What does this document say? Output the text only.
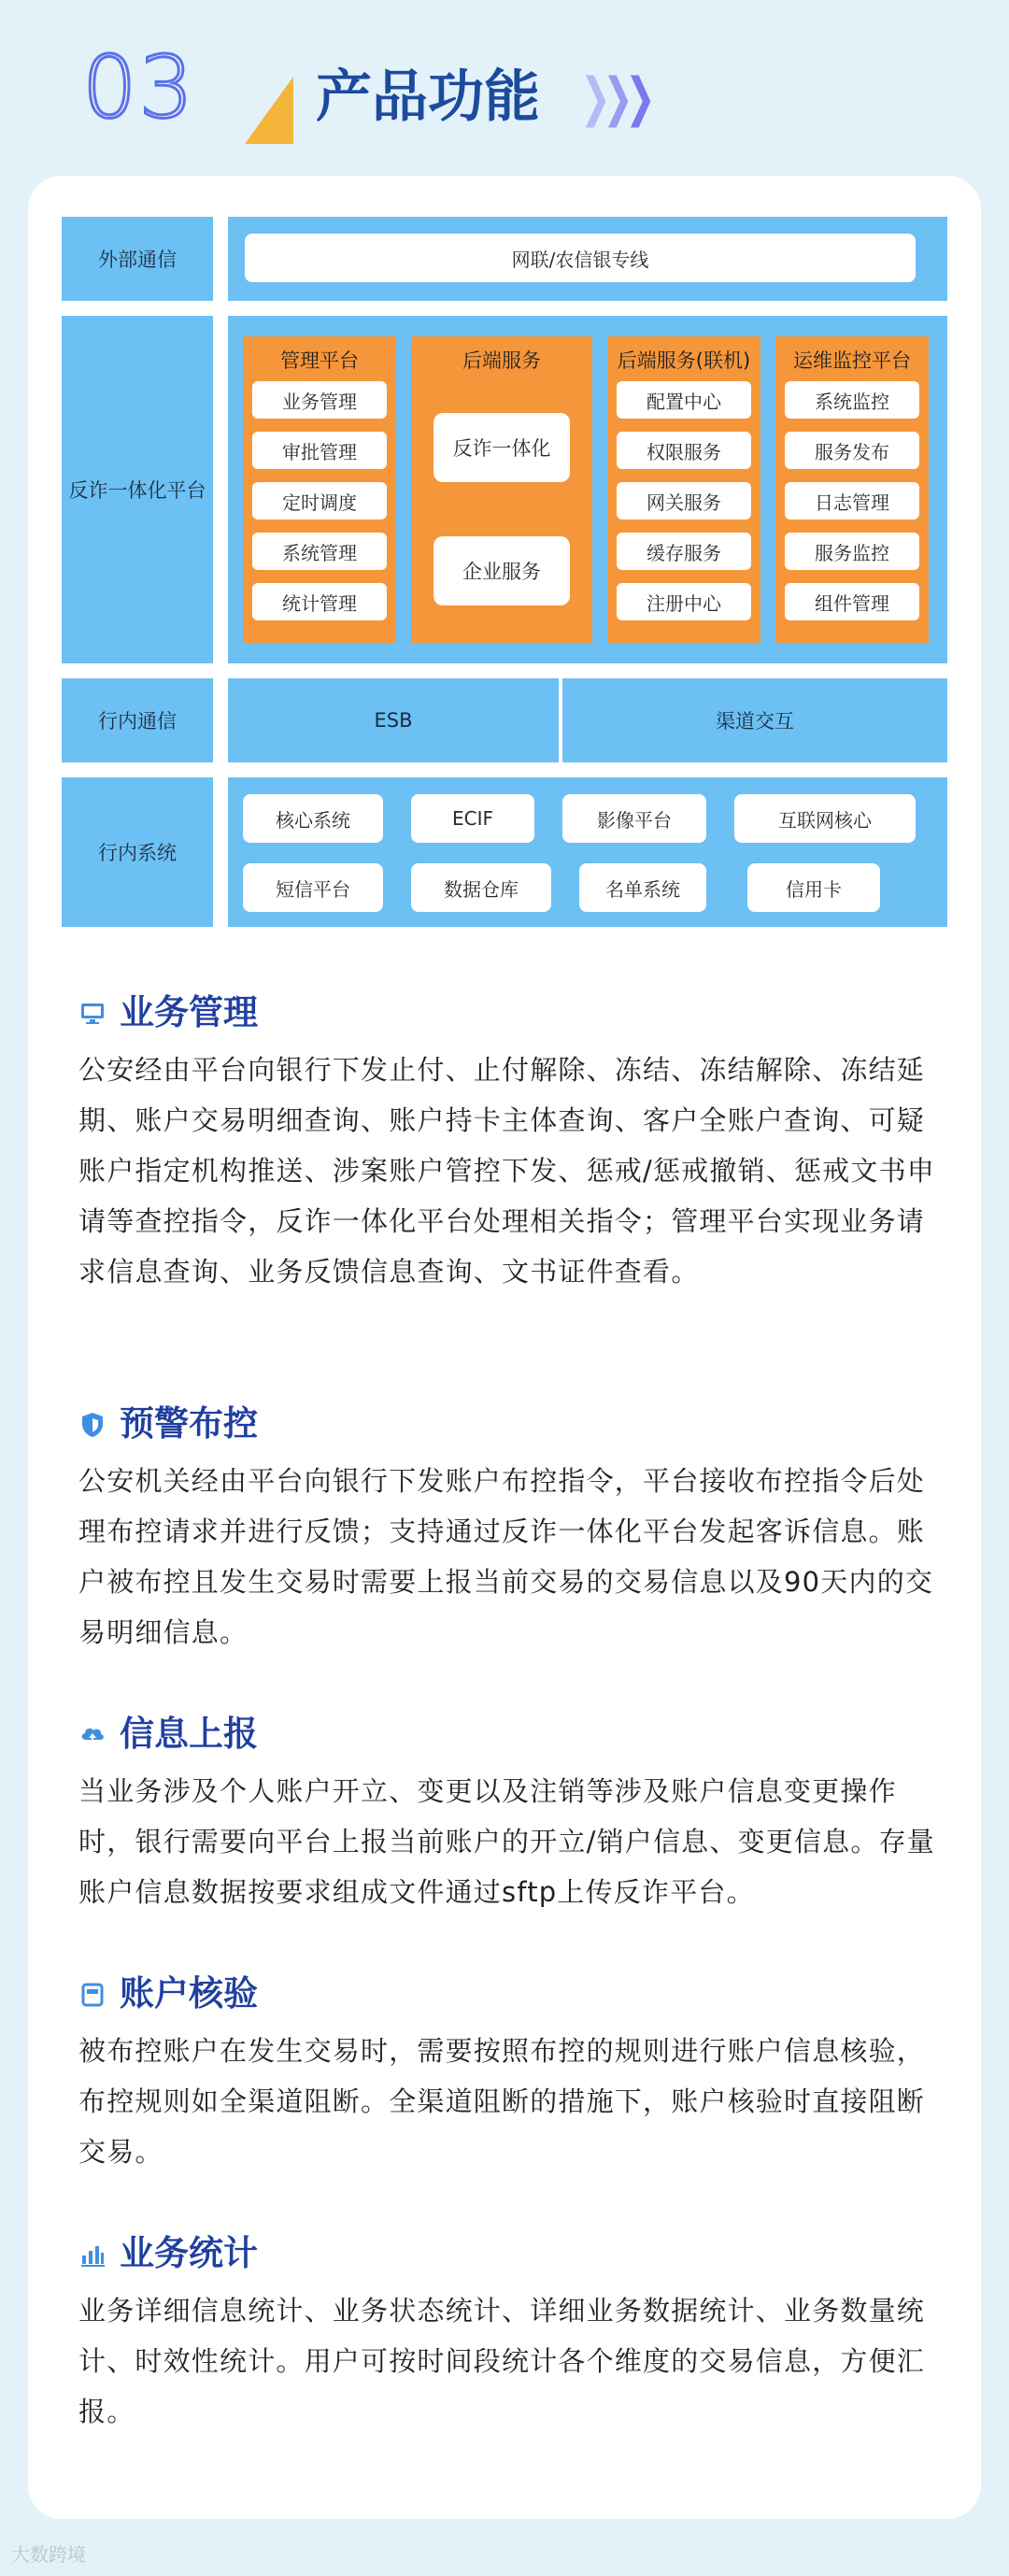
03 产品功能 ❯
❯
❯
外部通信	网联/农信银专线
反诈一体化平台
管理平台
业务管理
审批管理
定时调度
系统管理
统计管理
后端服务
反诈一体化
企业服务
后端服务(联机)
配置中心
权限服务
网关服务
缓存服务
注册中心
运维监控平台
系统监控
服务发布
日志管理
服务监控
组件管理
行内通信	ESB	渠道交互
行内系统
核心系统	ECIF	影像平台	互联网核心
短信平台	数据仓库	名单系统	信用卡
业务管理
公安经由平台向银行下发止付、止付解除、冻结、冻结解除、冻结延期、账户交易明细查询、账户持卡主体查询、客户全账户查询、可疑账户指定机构推送、涉案账户管控下发、惩戒/惩戒撤销、惩戒文书申请等查控指令，反诈一体化平台处理相关指令；管理平台实现业务请求信息查询、业务反馈信息查询、文书证件查看。
预警布控
公安机关经由平台向银行下发账户布控指令，平台接收布控指令后处理布控请求并进行反馈；支持通过反诈一体化平台发起客诉信息。账户被布控且发生交易时需要上报当前交易的交易信息以及90天内的交易明细信息。
信息上报
当业务涉及个人账户开立、变更以及注销等涉及账户信息变更操作时，银行需要向平台上报当前账户的开立/销户信息、变更信息。存量账户信息数据按要求组成文件通过sftp上传反诈平台。
账户核验
被布控账户在发生交易时，需要按照布控的规则进行账户信息核验，布控规则如全渠道阻断。全渠道阻断的措施下，账户核验时直接阻断交易。
业务统计
业务详细信息统计、业务状态统计、详细业务数据统计、业务数量统计、时效性统计。用户可按时间段统计各个维度的交易信息，方便汇报。
大数跨境
